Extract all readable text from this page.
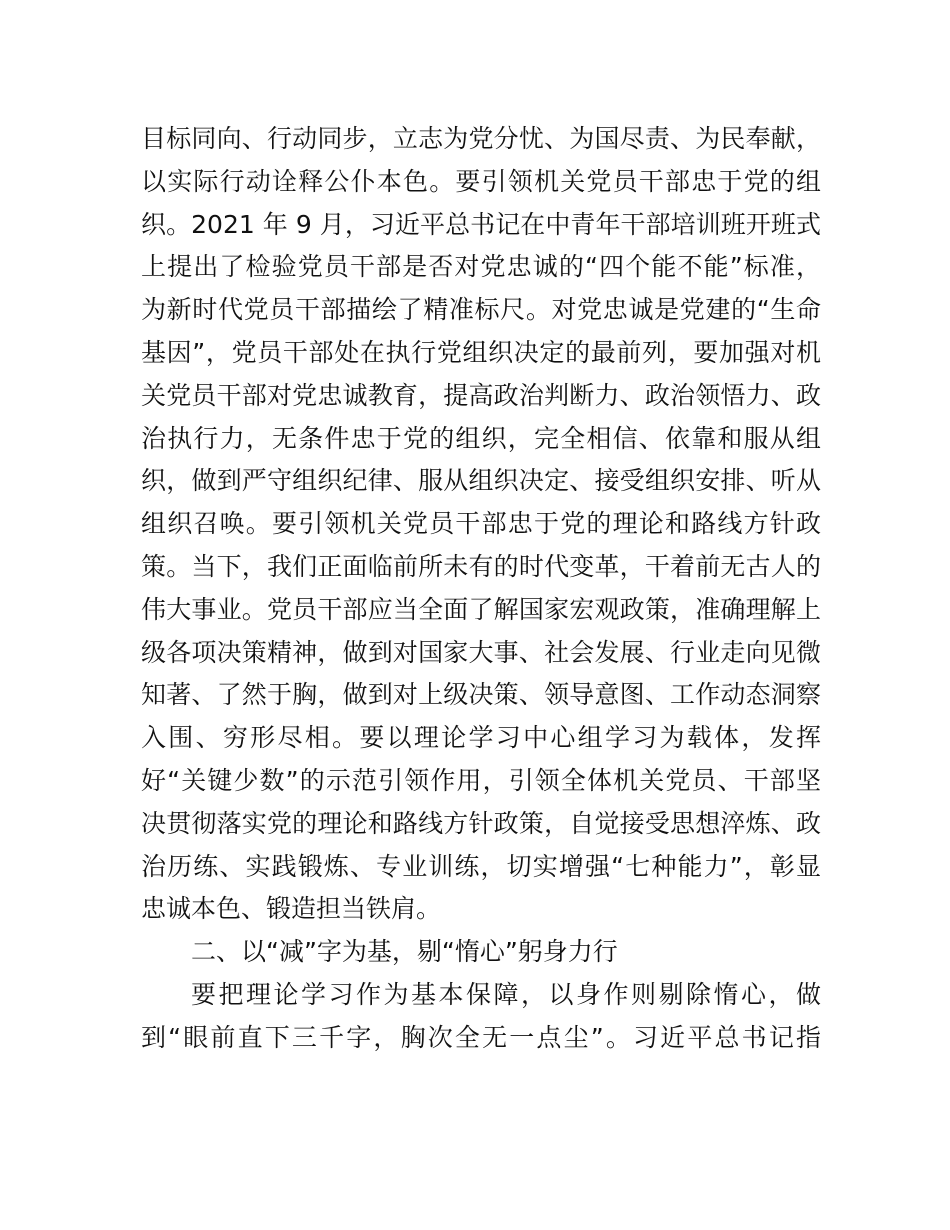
目标同向、行动同步，立志为党分忧、为国尽责、为民奉献，
以实际行动诠释公仆本色。要引领机关党员干部忠于党的组
织。2021 年 9 月，习近平总书记在中青年干部培训班开班式
上提出了检验党员干部是否对党忠诚的“四个能不能”标准，
为新时代党员干部描绘了精准标尺。对党忠诚是党建的“生命
基因”，党员干部处在执行党组织决定的最前列，要加强对机
关党员干部对党忠诚教育，提高政治判断力、政治领悟力、政
治执行力，无条件忠于党的组织，完全相信、依靠和服从组
织，做到严守组织纪律、服从组织决定、接受组织安排、听从
组织召唤。要引领机关党员干部忠于党的理论和路线方针政
策。当下，我们正面临前所未有的时代变革，干着前无古人的
伟大事业。党员干部应当全面了解国家宏观政策，准确理解上
级各项决策精神，做到对国家大事、社会发展、行业走向见微
知著、了然于胸，做到对上级决策、领导意图、工作动态洞察
入围、穷形尽相。要以理论学习中心组学习为载体，发挥
好“关键少数”的示范引领作用，引领全体机关党员、干部坚
决贯彻落实党的理论和路线方针政策，自觉接受思想淬炼、政
治历练、实践锻炼、专业训练，切实增强“七种能力”，彰显
忠诚本色、锻造担当铁肩。
二、以“减”字为基，剔“惰心”躬身力行
要把理论学习作为基本保障，以身作则剔除惰心，做
到“眼前直下三千字，胸次全无一点尘”。习近平总书记指
